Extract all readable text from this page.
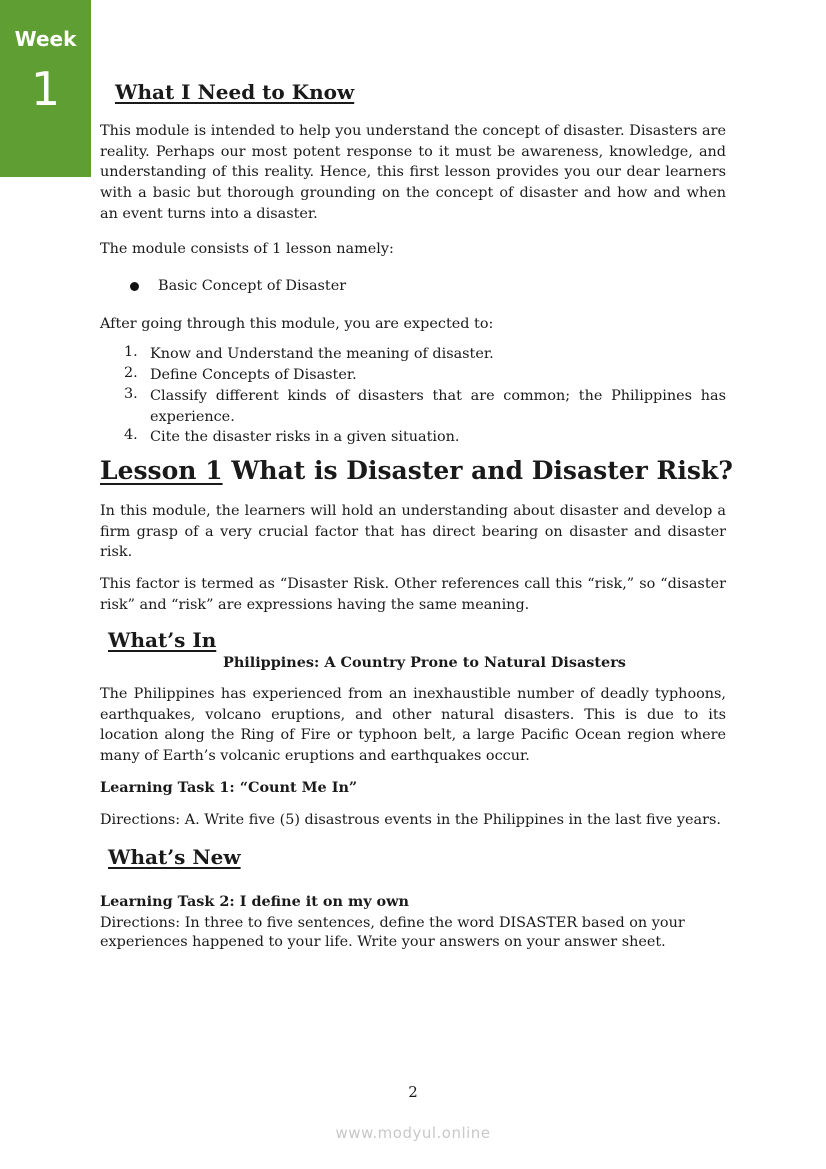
Week
1	What I Need to Know
This module is intended to help you understand the concept of disaster. Disasters are reality. Perhaps our most potent response to it must be awareness, knowledge, and understanding of this reality. Hence, this first lesson provides you our dear learners with a basic but thorough grounding on the concept of disaster and how and when an event turns into a disaster.
The module consists of 1 lesson namely:
Basic Concept of Disaster
After going through this module, you are expected to:
1. Know and Understand the meaning of disaster.
2. Define Concepts of Disaster.
3. Classify different kinds of disasters that are common; the Philippines has experience.
4. Cite the disaster risks in a given situation.
Lesson 1 What is Disaster and Disaster Risk?
In this module, the learners will hold an understanding about disaster and develop a firm grasp of a very crucial factor that has direct bearing on disaster and disaster risk.
This factor is termed as “Disaster Risk. Other references call this “risk,” so “disaster risk” and “risk” are expressions having the same meaning.
What’s In
Philippines: A Country Prone to Natural Disasters
The Philippines has experienced from an inexhaustible number of deadly typhoons, earthquakes, volcano eruptions, and other natural disasters. This is due to its location along the Ring of Fire or typhoon belt, a large Pacific Ocean region where many of Earth’s volcanic eruptions and earthquakes occur.
Learning Task 1: “Count Me In”
Directions: A. Write five (5) disastrous events in the Philippines in the last five years.
What’s New
Learning Task 2: I define it on my own
Directions: In three to five sentences, define the word DISASTER based on your
experiences happened to your life. Write your answers on your answer sheet.
2
www.modyul.online
